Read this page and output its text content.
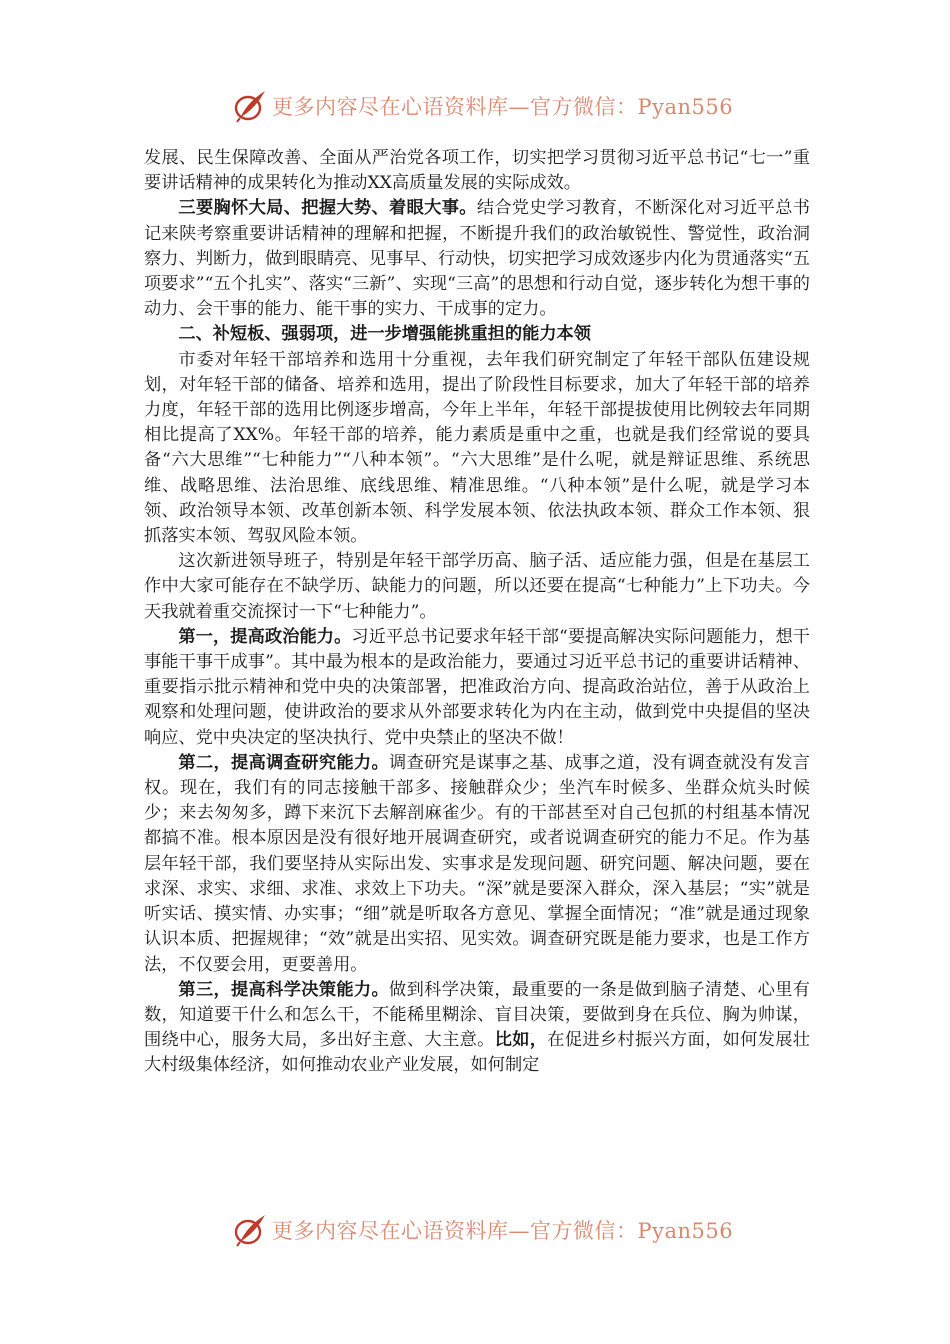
更多内容尽在心语资料库—官方微信：Pyan556

发展、民生保障改善、全面从严治党各项工作，切实把学习贯彻习近平总书记“七一”重要讲话精神的成果转化为推动XX高质量发展的实际成效。

三要胸怀大局、把握大势、着眼大事。结合党史学习教育，不断深化对习近平总书记来陕考察重要讲话精神的理解和把握，不断提升我们的政治敏锐性、警觉性，政治洞察力、判断力，做到眼睛亮、见事早、行动快，切实把学习成效逐步内化为贯通落实“五项要求”“五个扎实”、落实“三新”、实现“三高”的思想和行动自觉，逐步转化为想干事的动力、会干事的能力、能干事的实力、干成事的定力。

二、补短板、强弱项，进一步增强能挑重担的能力本领

市委对年轻干部培养和选用十分重视，去年我们研究制定了年轻干部队伍建设规划，对年轻干部的储备、培养和选用，提出了阶段性目标要求，加大了年轻干部的培养力度，年轻干部的选用比例逐步增高，今年上半年，年轻干部提拔使用比例较去年同期相比提高了XX%。年轻干部的培养，能力素质是重中之重，也就是我们经常说的要具备“六大思维”“七种能力”“八种本领”。“六大思维”是什么呢，就是辩证思维、系统思维、战略思维、法治思维、底线思维、精准思维。“八种本领”是什么呢，就是学习本领、政治领导本领、改革创新本领、科学发展本领、依法执政本领、群众工作本领、狠抓落实本领、驾驭风险本领。

这次新进领导班子，特别是年轻干部学历高、脑子活、适应能力强，但是在基层工作中大家可能存在不缺学历、缺能力的问题，所以还要在提高“七种能力”上下功夫。今天我就着重交流探讨一下“七种能力”。

第一，提高政治能力。习近平总书记要求年轻干部“要提高解决实际问题能力，想干事能干事干成事”。其中最为根本的是政治能力，要通过习近平总书记的重要讲话精神、重要指示批示精神和党中央的决策部署，把准政治方向、提高政治站位，善于从政治上观察和处理问题，使讲政治的要求从外部要求转化为内在主动，做到党中央提倡的坚决响应、党中央决定的坚决执行、党中央禁止的坚决不做！

第二，提高调查研究能力。调查研究是谋事之基、成事之道，没有调查就没有发言权。现在，我们有的同志接触干部多、接触群众少；坐汽车时候多、坐群众炕头时候少；来去匆匆多，蹲下来沉下去解剖麻雀少。有的干部甚至对自己包抓的村组基本情况都搞不准。根本原因是没有很好地开展调查研究，或者说调查研究的能力不足。作为基层年轻干部，我们要坚持从实际出发、实事求是发现问题、研究问题、解决问题，要在求深、求实、求细、求准、求效上下功夫。“深”就是要深入群众，深入基层；“实”就是听实话、摸实情、办实事；“细”就是听取各方意见、掌握全面情况；“准”就是通过现象认识本质、把握规律；“效”就是出实招、见实效。调查研究既是能力要求，也是工作方法，不仅要会用，更要善用。

第三，提高科学决策能力。做到科学决策，最重要的一条是做到脑子清楚、心里有数，知道要干什么和怎么干，不能稀里糊涂、盲目决策，要做到身在兵位、胸为帅谋，围绕中心，服务大局，多出好主意、大主意。比如，在促进乡村振兴方面，如何发展壮大村级集体经济，如何推动农业产业发展，如何制定

更多内容尽在心语资料库—官方微信：Pyan556
